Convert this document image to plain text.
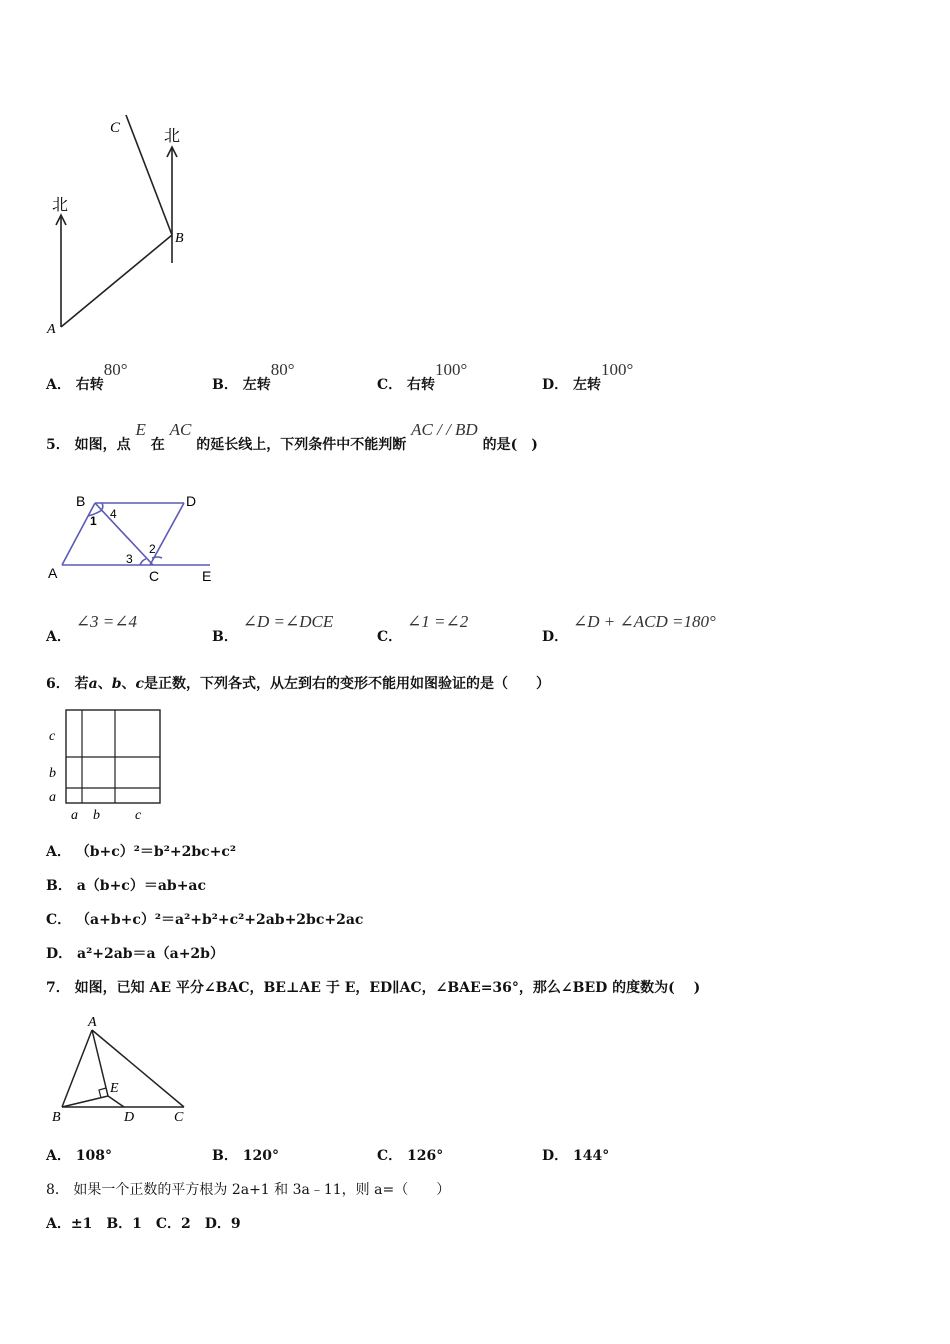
北
北
C
B
A
A． 右转80°
B． 左转80°
C． 右转100°
D． 左转100°
5． 如图，点 E 在 AC 的延长线上，下列条件中不能判断 AC / / BD 的是(　)
B	D
A	C	E
1 4
2
3
A． ∠3 =∠4
B． ∠D =∠DCE
C． ∠1 =∠2
D． ∠D + ∠ACD =180°
6． 若a、b、c是正数，下列各式，从左到右的变形不能用如图验证的是（　　）
c
b
a
a b	c
A． （b+c）²＝b²+2bc+c²
B． a（b+c）＝ab+ac
C． （a+b+c）²＝a²+b²+c²+2ab+2bc+2ac
D． a²+2ab＝a（a+2b）
7． 如图，已知 AE 平分∠BAC，BE⊥AE 于 E，ED∥AC，∠BAE=36°，那么∠BED 的度数为(　 )
A
E
B	D	C
A． 108°	B． 120°	C． 126°	D． 144°
8． 如果一个正数的平方根为 2a+1 和 3a﹣11，则 a=（　　）
A．±1　B．1　C．2　D．9
